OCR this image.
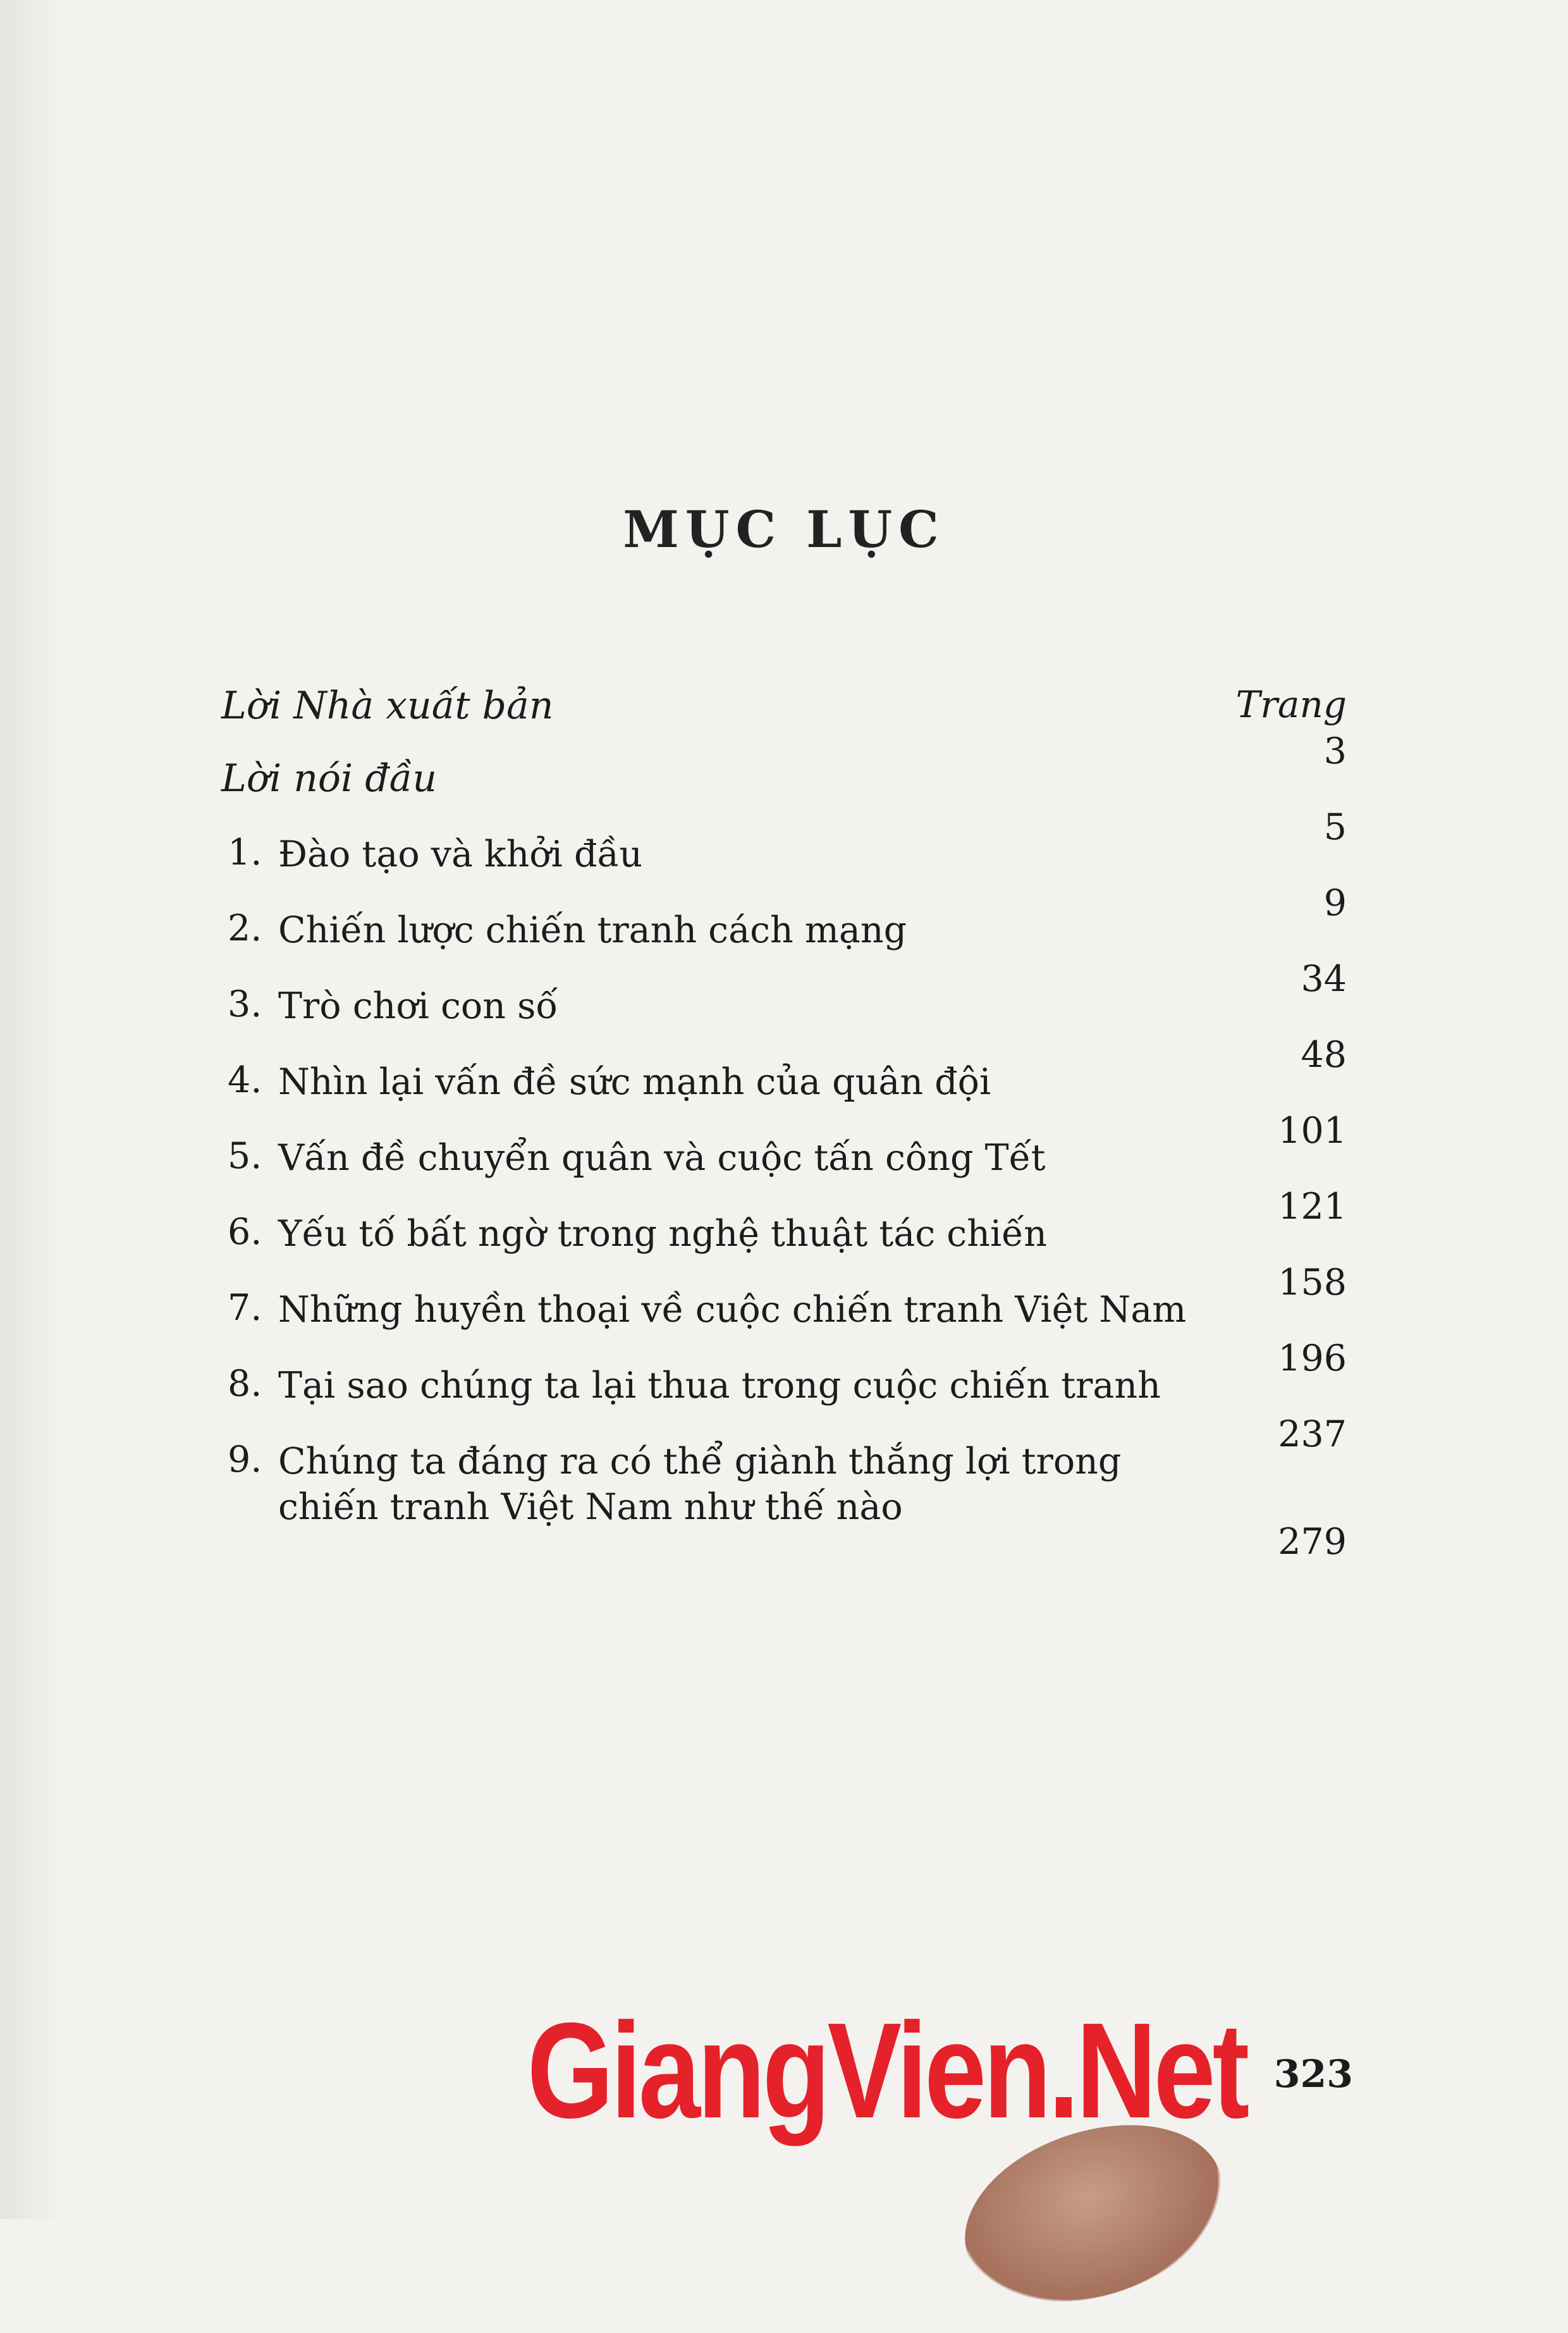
MỤC LỤC
Trang
Lời Nhà xuất bản
Lời nói đầu
3
1. Đào tạo và khởi đầu
5
2. Chiến lược chiến tranh cách mạng
9
3. Trò chơi con số
34
4. Nhìn lại vấn đề sức mạnh của quân đội
48
5. Vấn đề chuyển quân và cuộc tấn công Tết
101
6. Yếu tố bất ngờ trong nghệ thuật tác chiến
121
7. Những huyền thoại về cuộc chiến tranh Việt Nam
158
8. Tại sao chúng ta lại thua trong cuộc chiến tranh
196
9. Chúng ta đáng ra có thể giành thắng lợi trong chiến tranh Việt Nam như thế nào
237
279
GiangVien.Net 323
